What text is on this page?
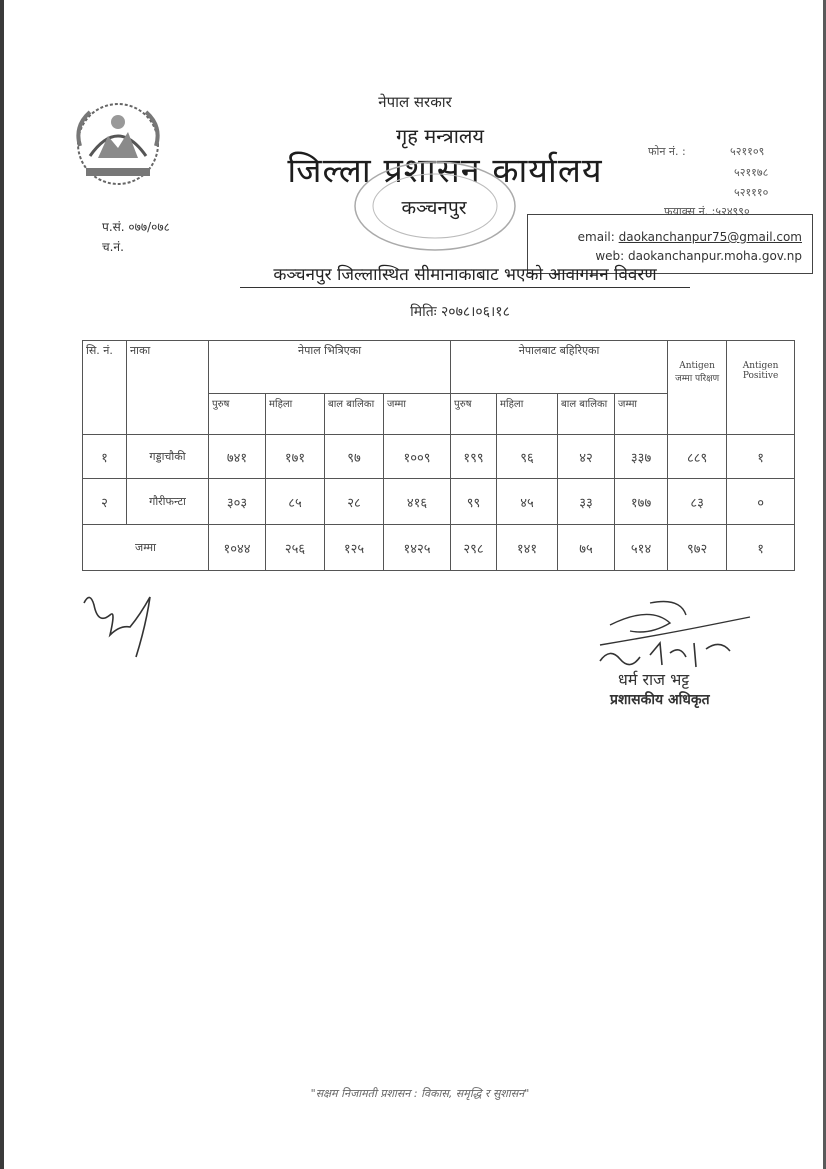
नेपाल सरकार
गृह मन्त्रालय
जिल्ला प्रशासन कार्यालय
कञ्चनपुर
फोन नं. :	५२११०९
५२११७८
५२१११०
फयाक्स नं. :५२४९९०
email: daokanchanpur75@gmail.com
web: daokanchanpur.moha.gov.np
प.सं. ०७७/०७८
च.नं.
कञ्चनपुर जिल्लास्थित सीमानाकाबाट भएको आवागमन विवरण
मितिः २०७८।०६।१८
सि. नं.	नाका	नेपाल भित्रिएका				नेपालबाट बहिरिएका				Antigen जम्मा परिक्षण	Antigen Positive
		पुरुष	महिला	बाल बालिका	जम्मा	पुरुष	महिला	बाल बालिका	जम्मा		
१	गड्डाचौकी	७४१	१७१	९७	१००९	१९९	९६	४२	३३७	८८९	१
२	गौरीफन्टा	३०३	८५	२८	४१६	९९	४५	३३	१७७	८३	०
जम्मा		१०४४	२५६	१२५	१४२५	२९८	१४१	७५	५१४	९७२	१
धर्म राज भट्ट
प्रशासकीय अधिकृत
"सक्षम निजामती प्रशासन : विकास, समृद्धि र सुशासन"
